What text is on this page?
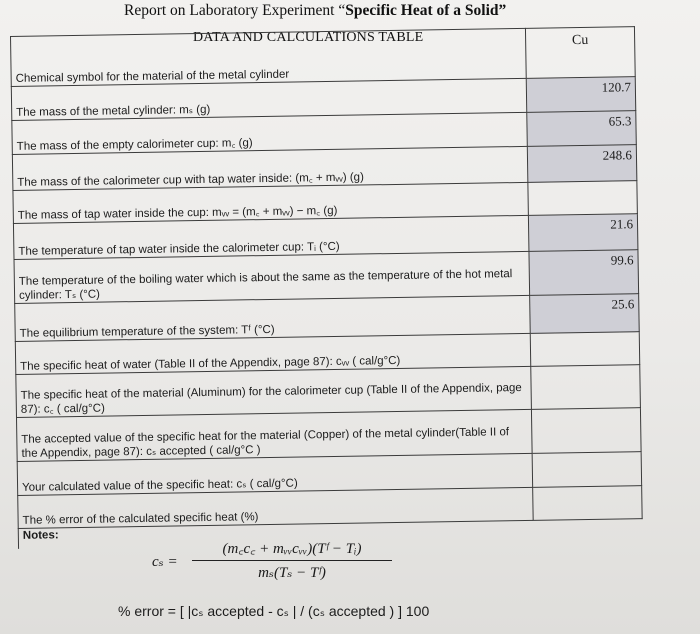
Report on Laboratory Experiment “Specific Heat of a Solid”
DATA AND CALCULATIONS TABLE
Chemical symbol for the material of the metal cylinder	Cu
The mass of the metal cylinder: mₛ (g)	120.7
The mass of the empty calorimeter cup: m꜀ (g)	65.3
The mass of the calorimeter cup with tap water inside: (m꜀ + mᵥᵥ) (g)	248.6
The mass of tap water inside the cup: mᵥᵥ = (m꜀ + mᵥᵥ) − m꜀ (g)	
The temperature of tap water inside the calorimeter cup: Tᵢ (°C)	21.6
The temperature of the boiling water which is about the same as the temperature of the hot metal cylinder: Tₛ (°C)	99.6
The equilibrium temperature of the system: Tᶠ (°C)	25.6
The specific heat of water (Table II of the Appendix, page 87): cᵥᵥ ( cal/g°C)	
The specific heat of the material (Aluminum) for the calorimeter cup (Table II of the Appendix, page 87): c꜀ ( cal/g°C)	
The accepted value of the specific heat for the material (Copper) of the metal cylinder(Table II of the Appendix, page 87): cₛ accepted ( cal/g°C )	
Your calculated value of the specific heat: cₛ ( cal/g°C)	
The % error of the calculated specific heat (%)	
Notes:	
cₛ =
(m꜀c꜀ + mᵥᵥcᵥᵥ)(Tᶠ − Tᵢ)
mₛ(Tₛ − Tᶠ)
% error = [ |cₛ accepted - cₛ | / (cₛ accepted ) ] 100
